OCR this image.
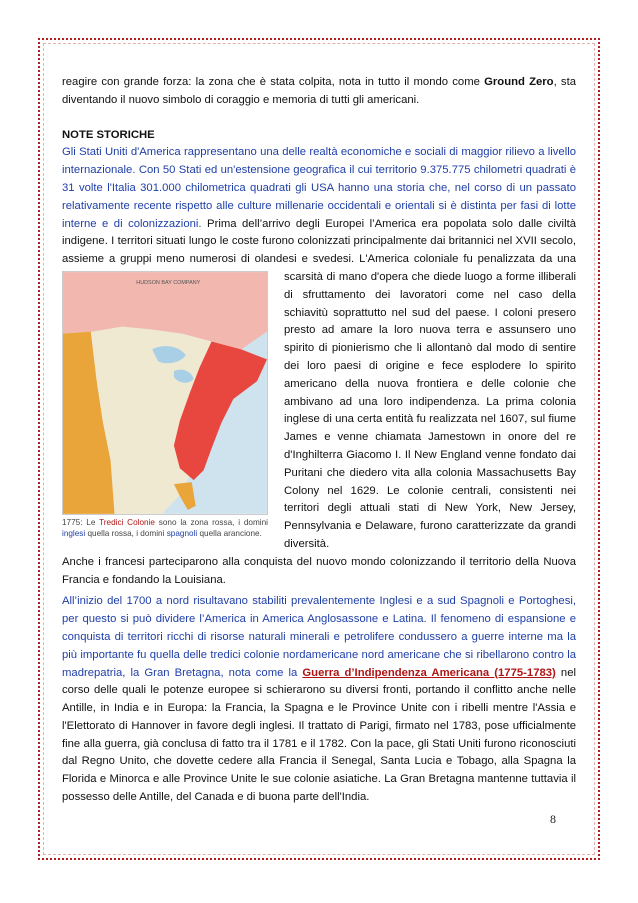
reagire con grande forza: la zona che è stata colpita, nota in tutto il mondo come Ground Zero, sta diventando il nuovo simbolo di coraggio e memoria di tutti gli americani.

NOTE STORICHE

Gli Stati Uniti d'America rappresentano una delle realtà economiche e sociali di maggior rilievo a livello internazionale. Con 50 Stati ed un'estensione geografica il cui territorio 9.375.775 chilometri quadrati è 31 volte l'Italia 301.000 chilometrica quadrati gli USA hanno una storia che, nel corso di un passato relativamente recente rispetto alle culture millenarie occidentali e orientali si è distinta per fasi di lotte interne e di colonizzazioni. Prima dell’arrivo degli Europei l’America era popolata solo dalle civiltà indigene. I territori situati lungo le coste furono colonizzati principalmente dai britannici nel XVII secolo, assieme a gruppi meno numerosi di olandesi e svedesi. L'America coloniale fu penalizzata da una scarsità di mano d'opera che diede luogo a
HUDSON BAY COMPANY
1775: Le Tredici Colonie sono la zona rossa, i domini inglesi quella rossa, i domini spagnoli quella arancione.
forme illiberali di sfruttamento dei lavoratori come nel caso della schiavitù soprattutto nel sud del paese. I coloni presero presto ad amare la loro nuova terra e assunsero uno spirito di pionierismo che li allontanò dal modo di sentire dei loro paesi di origine e fece esplodere lo spirito americano della nuova frontiera e delle colonie che ambivano ad una loro indipendenza. La prima colonia inglese di una certa entità fu realizzata nel 1607, sul fiume James e venne chiamata Jamestown in onore del re d'Inghilterra Giacomo I. Il New England venne fondato dai Puritani che diedero vita alla colonia Massachusetts Bay Colony nel 1629. Le colonie centrali, consistenti nei territori degli attuali stati di New York, New Jersey, Pennsylvania e Delaware, furono caratterizzate da grandi diversità.

Anche i francesi parteciparono alla conquista del nuovo mondo colonizzando il territorio della Nuova Francia e fondando la Louisiana.

All’inizio del 1700 a nord risultavano stabiliti prevalentemente Inglesi e a sud Spagnoli e Portoghesi, per questo si può dividere l’America in America Anglosassone e Latina. Il fenomeno di espansione e conquista di territori ricchi di risorse naturali minerali e petrolifere condussero a guerre interne ma la più importante fu quella delle tredici colonie nordamericane nord americane che si ribellarono contro la madrepatria, la Gran Bretagna, nota come la Guerra d’Indipendenza Americana (1775-1783) nel corso delle quali le potenze europee si schierarono su diversi fronti, portando il conflitto anche nelle Antille, in India e in Europa: la Francia, la Spagna e le Province Unite con i ribelli mentre l'Assia e l'Elettorato di Hannover in favore degli inglesi. Il trattato di Parigi, firmato nel 1783, pose ufficialmente fine alla guerra, già conclusa di fatto tra il 1781 e il 1782. Con la pace, gli Stati Uniti furono riconosciuti dal Regno Unito, che dovette cedere alla Francia il Senegal, Santa Lucia e Tobago, alla Spagna la Florida e Minorca e alle Province Unite le sue colonie asiatiche. La Gran Bretagna mantenne tuttavia il possesso delle Antille, del Canada e di buona parte dell'India.

8
